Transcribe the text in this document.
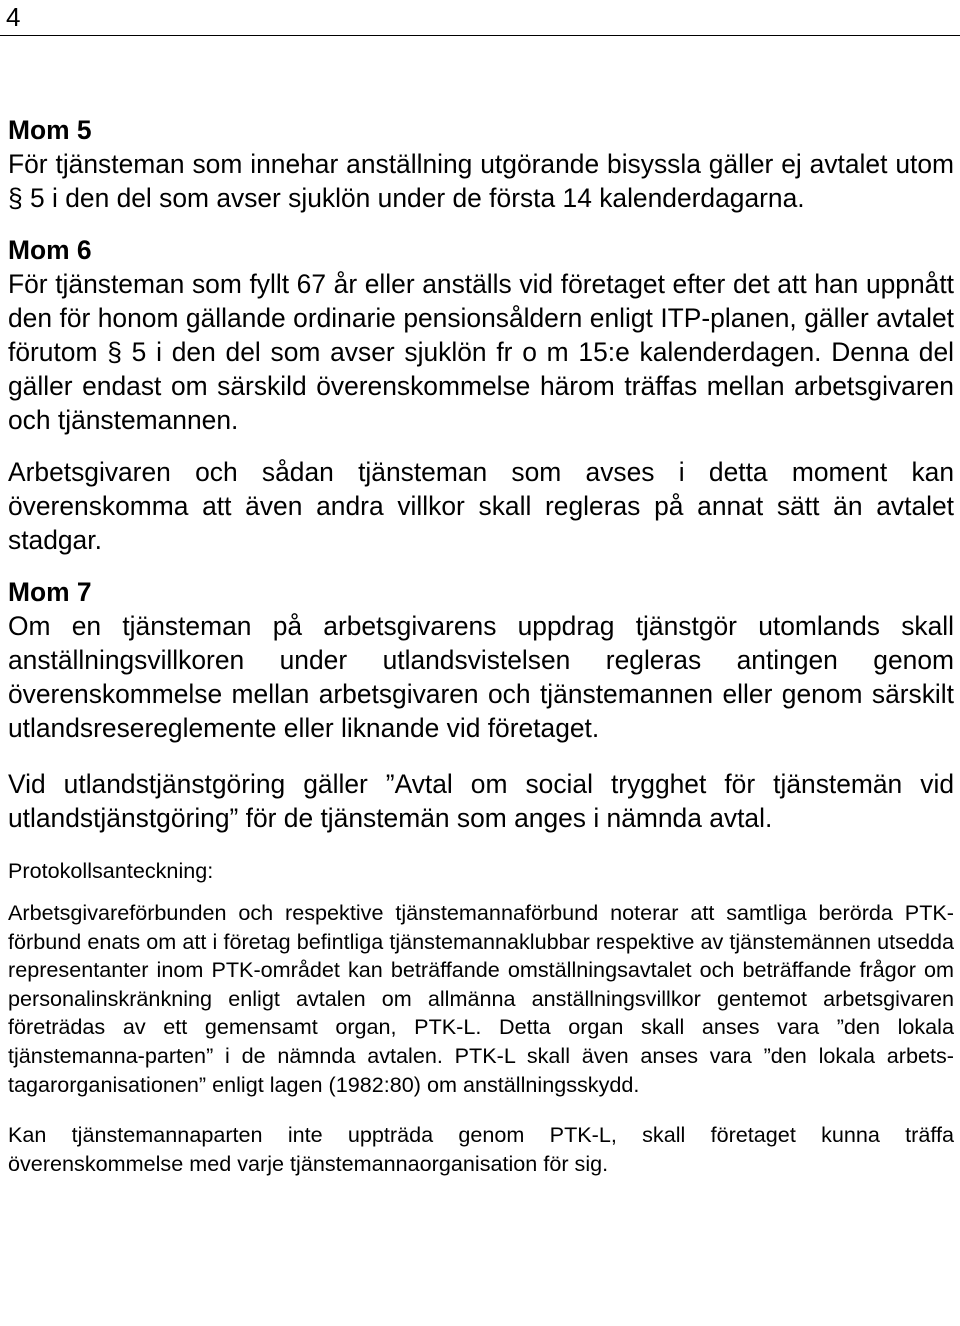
4
Mom 5

För tjänsteman som innehar anställning utgörande bisyssla gäller ej avtalet utom § 5 i den del som avser sjuklön under de första 14 kalenderdagarna.

Mom 6

För tjänsteman som fyllt 67 år eller anställs vid företaget efter det att han uppnått den för honom gällande ordinarie pensionsåldern enligt ITP-planen, gäller avtalet förutom § 5 i den del som avser sjuklön fr o m 15:e kalenderdagen. Denna del gäller endast om särskild överenskommelse härom träffas mellan arbetsgivaren och tjänstemannen.

Arbetsgivaren och sådan tjänsteman som avses i detta moment kan överenskomma att även andra villkor skall regleras på annat sätt än avtalet stadgar.

Mom 7

Om en tjänsteman på arbetsgivarens uppdrag tjänstgör utomlands skall anställningsvillkoren under utlandsvistelsen regleras antingen genom överenskommelse mellan arbetsgivaren och tjänstemannen eller genom särskilt utlandsresereglemente eller liknande vid företaget.

Vid utlandstjänstgöring gäller ”Avtal om social trygghet för tjänstemän vid utlandstjänstgöring” för de tjänstemän som anges i nämnda avtal.

Protokollsanteckning:

Arbetsgivareförbunden och respektive tjänstemannaförbund noterar att samtliga berörda PTK-förbund enats om att i företag befintliga tjänstemannaklubbar respektive av tjänstemännen utsedda representanter inom PTK-området kan beträffande omställningsavtalet och beträffande frågor om personalinskränkning enligt avtalen om allmänna anställningsvillkor gentemot arbetsgivaren företrädas av ett gemensamt organ, PTK-L. Detta organ skall anses vara ”den lokala tjänstemanna-parten” i de nämnda avtalen. PTK-L skall även anses vara ”den lokala arbets-tagarorganisationen” enligt lagen (1982:80) om anställningsskydd.

Kan tjänstemannaparten inte uppträda genom PTK-L, skall företaget kunna träffa överenskommelse med varje tjänstemannaorganisation för sig.
